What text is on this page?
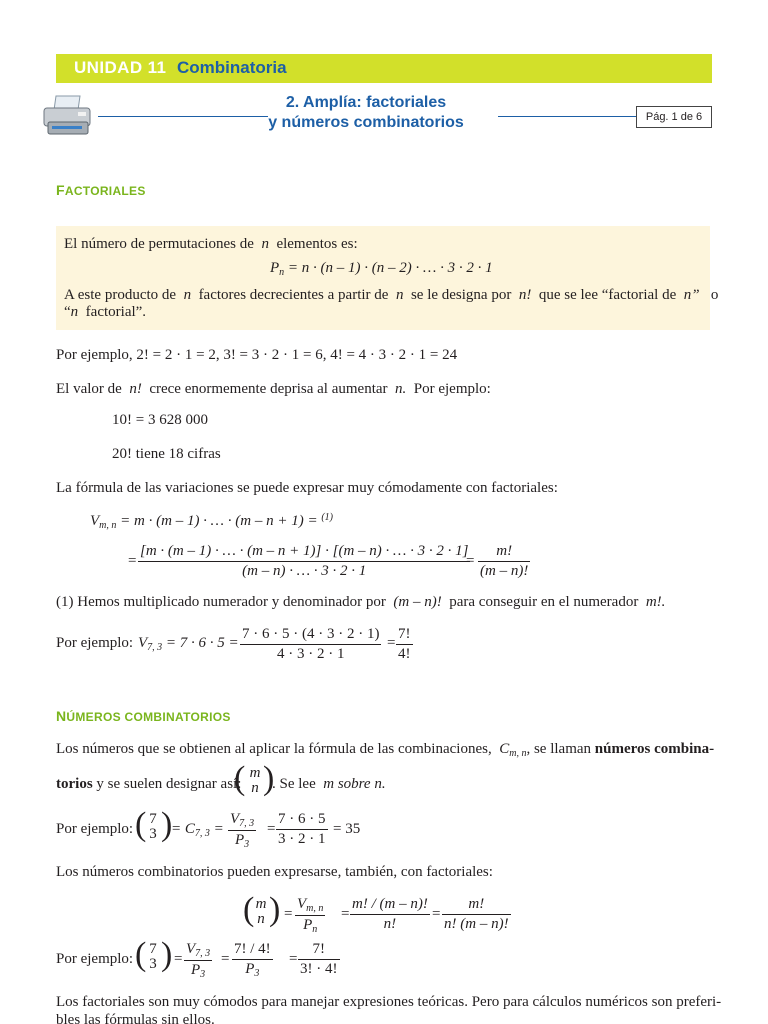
UNIDAD 11 Combinatoria
2. Amplía: factoriales
y números combinatorios	Pág. 1 de 6
FACTORIALES
El número de permutaciones de n elementos es:
$P_n = n \cdot (n - 1) \cdot (n - 2)$ · … · 3 · 2 · 1
A este producto de n factores decrecientes a partir de n se le designa por n! que se lee “factorial de n” o
“n factorial”.
Por ejemplo, 2! = 2 · 1 = 2, 3! = 3 · 2 · 1 = 6, 4! = 4 · 3 · 2 · 1 = 24
El valor de n! crece enormemente deprisa al aumentar n. Por ejemplo:
10! = 3 628 000
20! tiene 18 cifras
La fórmula de las variaciones se puede expresar muy cómodamente con factoriales:
$V_{m, n} = m \cdot (m - 1)$ · … · (m – n + 1) = $^{(1)}$
= $\frac{[m \cdot (m - 1) \cdot \dots \cdot (m - n + 1)] \cdot [(m - n) \cdot \dots \cdot 3 \cdot 2 \cdot 1]}{(m - n) \cdot \dots \cdot 3 \cdot 2 \cdot 1}$
= $\frac{m!}{(m - n)!}$
(1) Hemos multiplicado numerador y denominador por (m – n)! para conseguir en el numerador m!.
Por ejemplo: $V_{7, 3} = 7 \cdot 6 \cdot 5 = \frac{7 \cdot 6 \cdot 5 \cdot (4 \cdot 3 \cdot 2 \cdot 1)}{4 \cdot 3 \cdot 2 \cdot 1} = \frac{7!}{4!}$
NÚMEROS COMBINATORIOS
Los números que se obtienen al aplicar la fórmula de las combinaciones, $C_{m, n}$, se llaman números combina-
torios y se suelen designar así:
( m
n )
. Se lee m sobre n.
Por ejemplo: ( 7
3 )
= $C_{7, 3} = \frac{V_{7, 3}}{P_3} = \frac{7 \cdot 6 \cdot 5}{3 \cdot 2 \cdot 1} = 35$
Los números combinatorios pueden expresarse, también, con factoriales:
( m
n ) = $\frac{V_{m, n}}{P_n} = \frac{m! / (m - n)!}{n!} = \frac{m!}{n! (m - n)!}$
Por ejemplo: ( 7
3 ) = $\frac{V_{7, 3}}{P_3} = \frac{7! / 4!}{P_3} = \frac{7!}{3! \cdot 4!}$
Los factoriales son muy cómodos para manejar expresiones teóricas. Pero para cálculos numéricos son preferi-
bles las fórmulas sin ellos.
